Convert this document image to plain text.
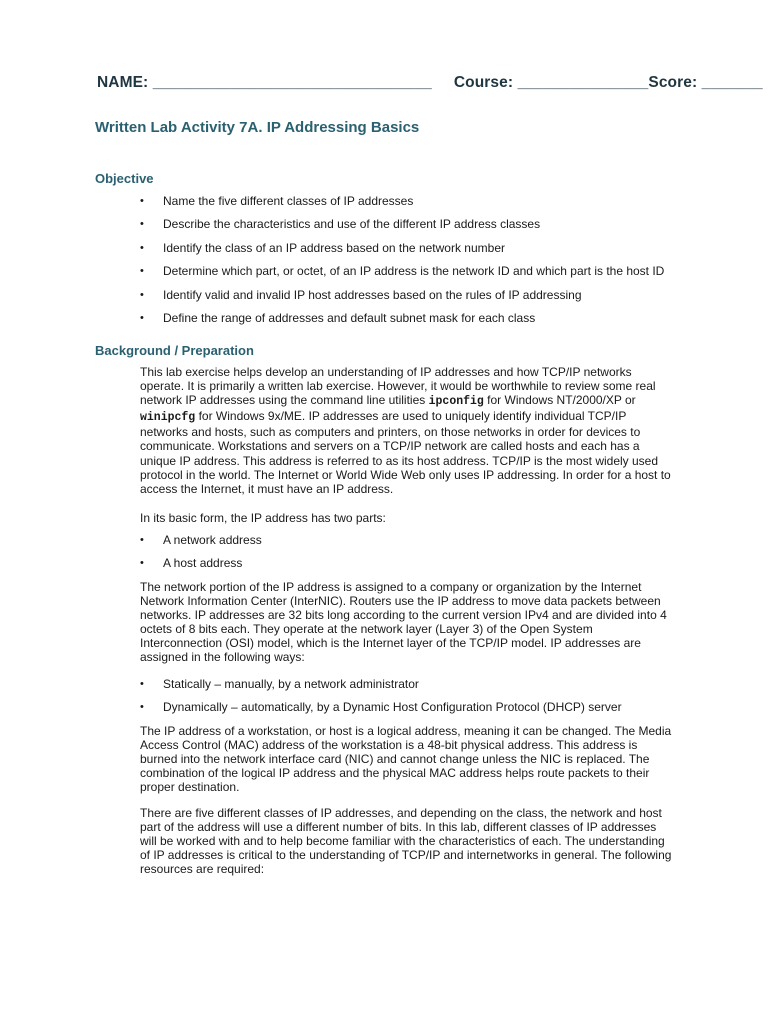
NAME: ________________________________ Course: _______________Score: _______
Written Lab Activity 7A. IP Addressing Basics
Objective
• Name the five different classes of IP addresses
• Describe the characteristics and use of the different IP address classes
• Identify the class of an IP address based on the network number
• Determine which part, or octet, of an IP address is the network ID and which part is the host ID
• Identify valid and invalid IP host addresses based on the rules of IP addressing
• Define the range of addresses and default subnet mask for each class
Background / Preparation
This lab exercise helps develop an understanding of IP addresses and how TCP/IP networks
operate. It is primarily a written lab exercise. However, it would be worthwhile to review some real
network IP addresses using the command line utilities ipconfig for Windows NT/2000/XP or
winipcfg for Windows 9x/ME. IP addresses are used to uniquely identify individual TCP/IP
networks and hosts, such as computers and printers, on those networks in order for devices to
communicate. Workstations and servers on a TCP/IP network are called hosts and each has a
unique IP address. This address is referred to as its host address. TCP/IP is the most widely used
protocol in the world. The Internet or World Wide Web only uses IP addressing. In order for a host to
access the Internet, it must have an IP address.
In its basic form, the IP address has two parts:
• A network address
• A host address
The network portion of the IP address is assigned to a company or organization by the Internet
Network Information Center (InterNIC). Routers use the IP address to move data packets between
networks. IP addresses are 32 bits long according to the current version IPv4 and are divided into 4
octets of 8 bits each. They operate at the network layer (Layer 3) of the Open System
Interconnection (OSI) model, which is the Internet layer of the TCP/IP model. IP addresses are
assigned in the following ways:
• Statically – manually, by a network administrator
• Dynamically – automatically, by a Dynamic Host Configuration Protocol (DHCP) server
The IP address of a workstation, or host is a logical address, meaning it can be changed. The Media
Access Control (MAC) address of the workstation is a 48-bit physical address. This address is
burned into the network interface card (NIC) and cannot change unless the NIC is replaced. The
combination of the logical IP address and the physical MAC address helps route packets to their
proper destination.
There are five different classes of IP addresses, and depending on the class, the network and host
part of the address will use a different number of bits. In this lab, different classes of IP addresses
will be worked with and to help become familiar with the characteristics of each. The understanding
of IP addresses is critical to the understanding of TCP/IP and internetworks in general. The following
resources are required:
